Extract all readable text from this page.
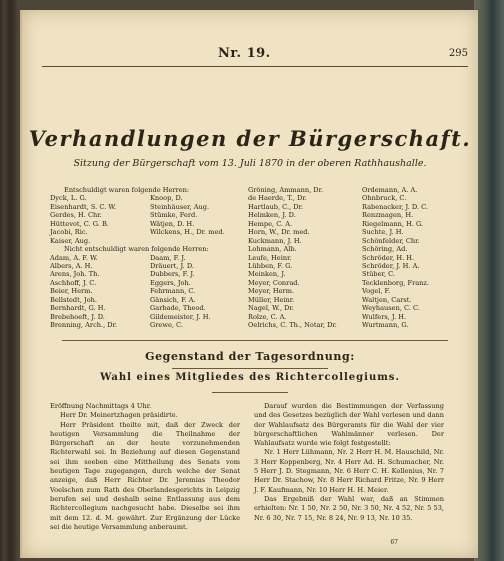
Nr. 19.	295
Verhandlungen der Bürgerschaft.
Sitzung der Bürgerschaft vom 13. Juli 1870 in der oberen Rathhaushalle.
Entschuldigt waren folgende Herren:
Dyck, L. G.
Eisenhardt, S. C. W.
Gerdes, H. Chr.
Hüttevot, C. G. B.
Jacobi, Ric.
Kaiser, Aug.
Nicht entschuldigt waren folgende Herren:
Adam, A. F. W.
Albers, A. H.
Arens, Joh. Th.
Aschhoff, J. C.
Beier, Herm.
Bellstedt, Joh.
Bernhardt, G. H.
Brebehoeft, J. D.
Brenning, Arch., Dr.
Knoop, D.
Steinhäuser, Aug.
Stümke, Ferd.
Wätjen, D. H.
Wilckens, H., Dr. med.
Daam, F. J.
Dräuert, J. D.
Dubbers, F. J.
Eggers, Joh.
Fehrmann, C.
Gänsich, F. A.
Garbade, Theod.
Gildemeister, J. H.
Grewe, C.
Gröning, Ammann, Dr.
de Haerde, T., Dr.
Hartlaub, C., Dr.
Helmken, J. D.
Hempe, C. A.
Horn, W., Dr. med.
Kuckmann, J. H.
Lohmann, Alb.
Leufe, Heinr.
Lübben, F. G.
Meinken, J.
Meyer, Conrad.
Meyer, Herm.
Müller, Heinr.
Nagel, W., Dr.
Rolze, C. A.
Oelrichs, C. Th., Notar, Dr.
Ordemann, A. A.
Ohnbruck, C.
Rabenacker, J. D. C.
Renzmagen, H.
Riegelmann, H. G.
Suchte, J. H.
Schönfelder, Chr.
Schöring, Ad.
Schröder, H. H.
Schröder, J. H. A.
Stüber, C.
Tecklenborg, Franz.
Vogel, F.
Waltjen, Carst.
Weyhausen, C. C.
Wulfers, J. H.
Wurtmann, G.
Gegenstand der Tagesordnung:
Wahl eines Mitgliedes des Richtercollegiums.

Eröffnung Nachmittags 4 Uhr.

Herr Dr. Meinertzhagen präsidirte.

Herr Präsident theilte mit, daß der Zweck der heutigen Versammlung die Theilnahme der Bürgerschaft an der heute vorzunehmenden Richterwahl sei. In Beziehung auf diesen Gegenstand sei ihm soeben eine Mittheilung des Senats vom heutigen Tage zugegangen, durch welche der Senat anzeige, daß Herr Richter Dr. Jeremias Theodor Voelschen zum Rath des Oberlandesgerichts in Leipzig berufen sei und deshalb seine Entlassung aus dem Richtercollegium nachgesucht habe. Dieselbe sei ihm mit dem 12. d. M. gewährt. Zur Ergänzung der Lücke sei die heutige Versammlung anberaumt.

Darauf wurden die Bestimmungen der Verfassung und des Gesetzes bezüglich der Wahl verlesen und dann der Wahlaufsatz des Bürgeramts für die Wahl der vier bürgerschaftlichen Wahlmänner verlesen. Der Wahlaufsatz wurde wie folgt festgestellt:

Nr. 1 Herr Lühmann, Nr. 2 Herr H. M. Hauschild, Nr. 3 Herr Koppenberg, Nr. 4 Herr Ad. H. Schumacher, Nr. 5 Herr J. D. Stegmann, Nr. 6 Herr C. H. Kollenius, Nr. 7 Herr Dr. Stachow, Nr. 8 Herr Richard Fritze, Nr. 9 Herr J. F. Kaufmann, Nr. 10 Herr H. H. Meier.

Das Ergebniß der Wahl war, daß an Stimmen erhielten: Nr. 1 50, Nr. 2 50, Nr. 3 50, Nr. 4 52, Nr. 5 53, Nr. 6 30, Nr. 7 15, Nr. 8 24, Nr. 9 13, Nr. 10 35.

67
